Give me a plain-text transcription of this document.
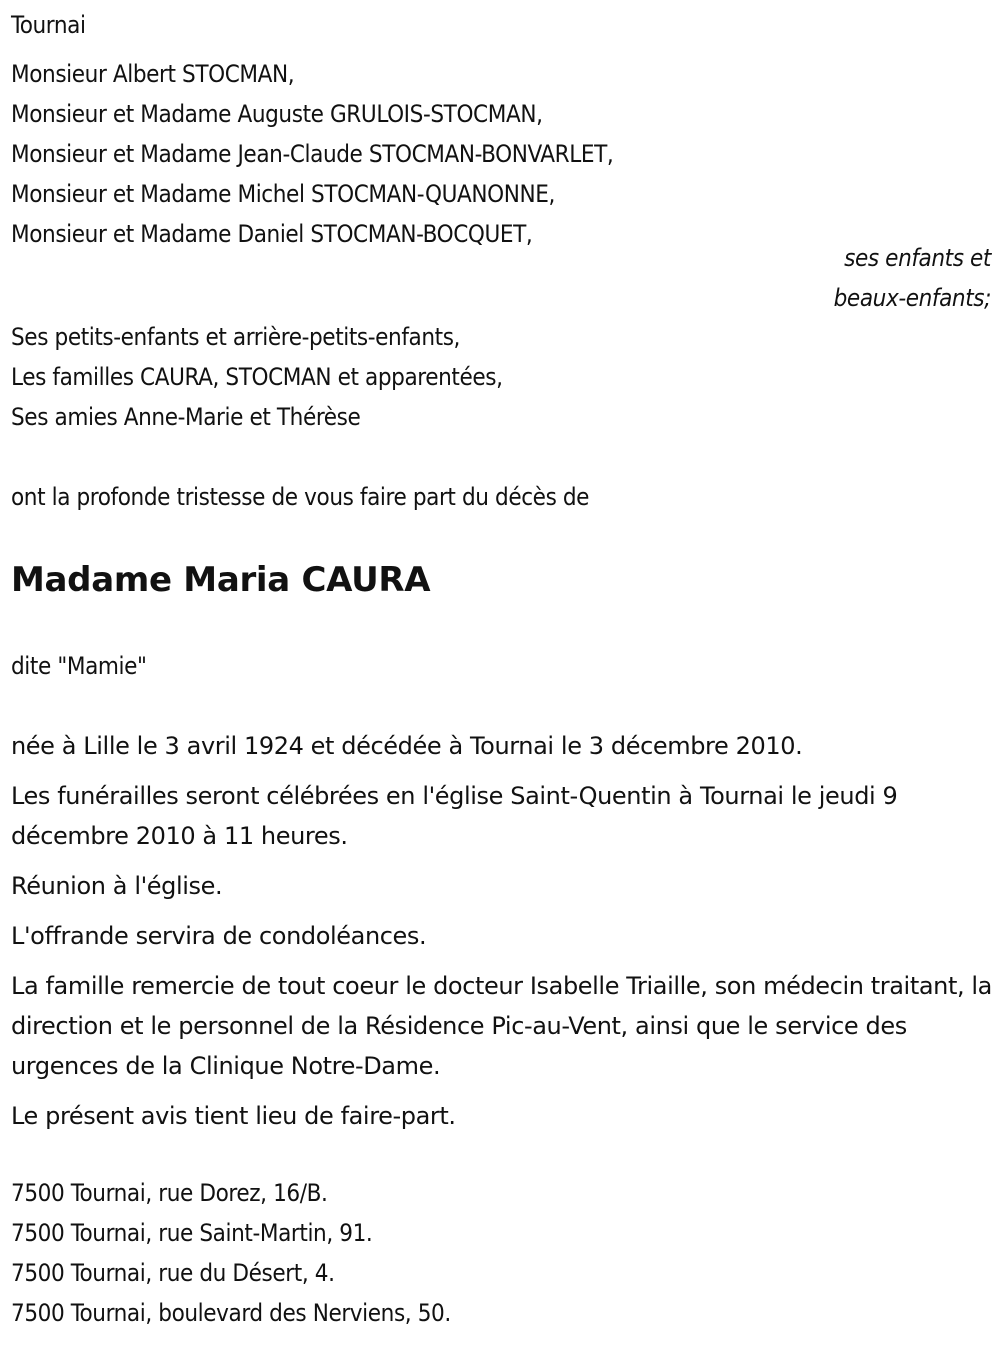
Tournai
Monsieur Albert STOCMAN,
Monsieur et Madame Auguste GRULOIS-STOCMAN,
Monsieur et Madame Jean-Claude STOCMAN-BONVARLET,
Monsieur et Madame Michel STOCMAN-QUANONNE,
Monsieur et Madame Daniel STOCMAN-BOCQUET,
ses enfants et
beaux-enfants;
Ses petits-enfants et arrière-petits-enfants,
Les familles CAURA, STOCMAN et apparentées,
Ses amies Anne-Marie et Thérèse
ont la profonde tristesse de vous faire part du décès de
Madame Maria CAURA
dite "Mamie"

née à Lille le 3 avril 1924 et décédée à Tournai le 3 décembre 2010.

Les funérailles seront célébrées en l'église Saint-Quentin à Tournai le jeudi 9 décembre 2010 à 11 heures.

Réunion à l'église.

L'offrande servira de condoléances.

La famille remercie de tout coeur le docteur Isabelle Triaille, son médecin traitant, la direction et le personnel de la Résidence Pic-au-Vent, ainsi que le service des urgences de la Clinique Notre-Dame.

Le présent avis tient lieu de faire-part.

7500 Tournai, rue Dorez, 16/B.
7500 Tournai, rue Saint-Martin, 91.
7500 Tournai, rue du Désert, 4.
7500 Tournai, boulevard des Nerviens, 50.
